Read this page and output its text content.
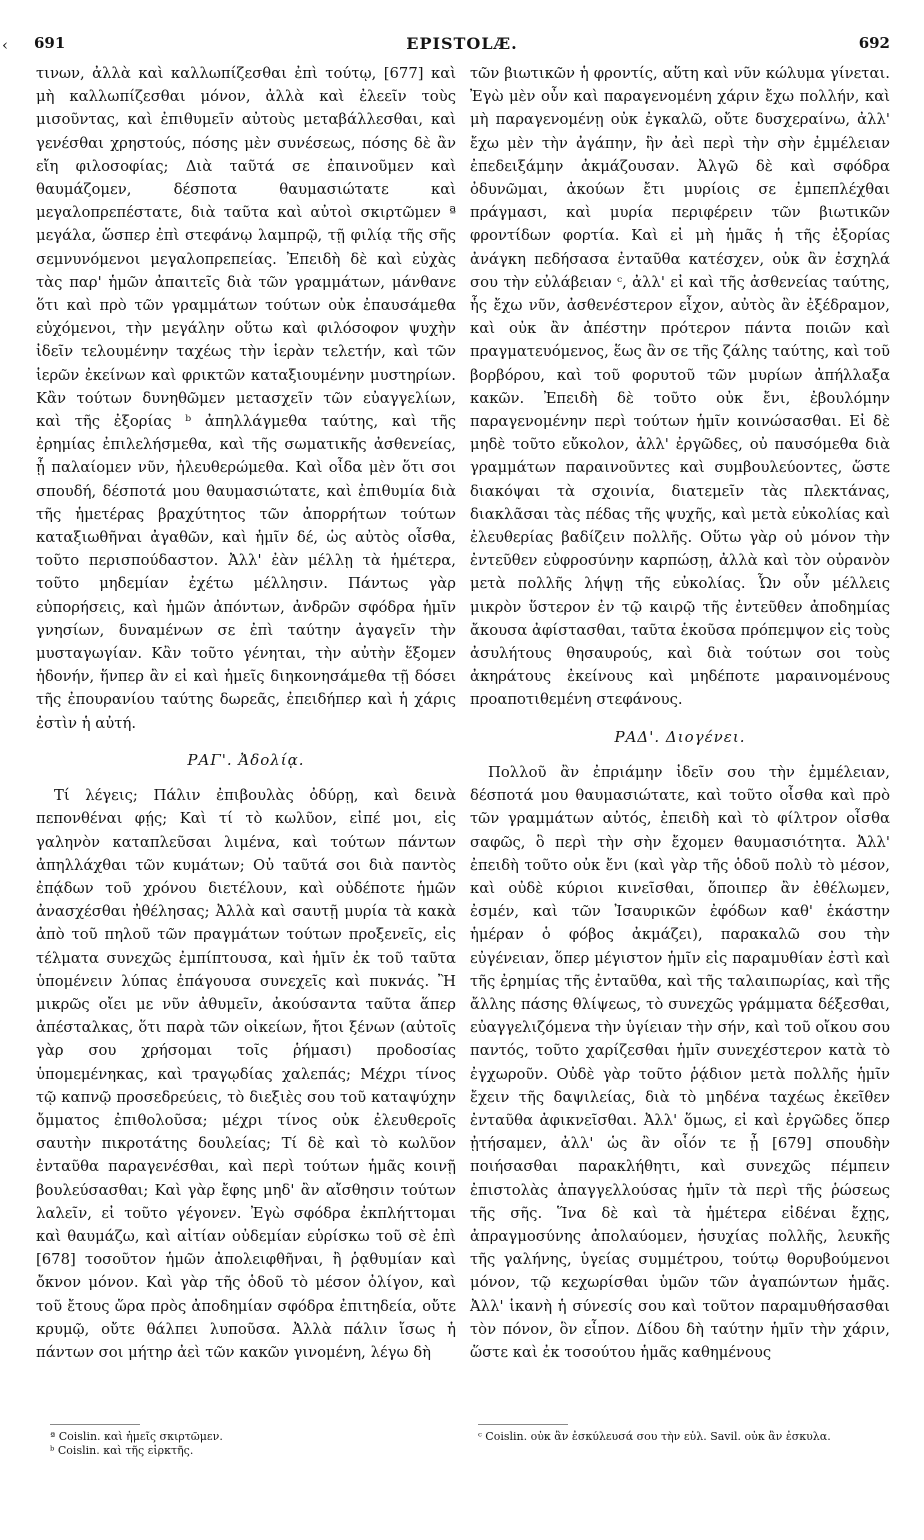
‹ 691	EPISTOLÆ.	692

τινων, ἀλλὰ καὶ καλλωπίζεσθαι ἐπὶ τούτῳ, [677] καὶ μὴ καλλωπίζεσθαι μόνον, ἀλλὰ καὶ ἐλεεῖν τοὺς μισοῦντας, καὶ ἐπιθυμεῖν αὐτοὺς μεταβάλλεσθαι, καὶ γενέσθαι χρηστούς, πόσης μὲν συνέσεως, πόσης δὲ ἂν εἴη φιλοσοφίας; Διὰ ταῦτά σε ἐπαινοῦμεν καὶ θαυμάζομεν, δέσποτα θαυμασιώτατε καὶ μεγαλοπρεπέστατε, διὰ ταῦτα καὶ αὐτοὶ σκιρτῶμεν ª μεγάλα, ὥσπερ ἐπὶ στεφάνῳ λαμπρῷ, τῇ φιλίᾳ τῆς σῆς σεμνυνόμενοι μεγαλοπρεπείας. Ἐπειδὴ δὲ καὶ εὐχὰς τὰς παρ' ἡμῶν ἀπαιτεῖς διὰ τῶν γραμμάτων, μάνθανε ὅτι καὶ πρὸ τῶν γραμμάτων τούτων οὐκ ἐπαυσάμεθα εὐχόμενοι, τὴν μεγάλην οὕτω καὶ φιλόσοφον ψυχὴν ἰδεῖν τελουμένην ταχέως τὴν ἱερὰν τελετήν, καὶ τῶν ἱερῶν ἐκείνων καὶ φρικτῶν καταξιουμένην μυστηρίων. Κἂν τούτων δυνηθῶμεν μετασχεῖν τῶν εὐαγγελίων, καὶ τῆς ἐξορίας ᵇ ἀπηλλάγμεθα ταύτης, καὶ τῆς ἐρημίας ἐπιλελήσμεθα, καὶ τῆς σωματικῆς ἀσθενείας, ᾗ παλαίομεν νῦν, ἠλευθερώμεθα. Καὶ οἶδα μὲν ὅτι σοι σπουδή, δέσποτά μου θαυμασιώτατε, καὶ ἐπιθυμία διὰ τῆς ἡμετέρας βραχύτητος τῶν ἀπορρήτων τούτων καταξιωθῆναι ἀγαθῶν, καὶ ἡμῖν δέ, ὡς αὐτὸς οἶσθα, τοῦτο περισπούδαστον. Ἀλλ' ἐὰν μέλλῃ τὰ ἡμέτερα, τοῦτο μηδεμίαν ἐχέτω μέλλησιν. Πάντως γὰρ εὐπορήσεις, καὶ ἡμῶν ἀπόντων, ἀνδρῶν σφόδρα ἡμῖν γνησίων, δυναμένων σε ἐπὶ ταύτην ἀγαγεῖν τὴν μυσταγωγίαν. Κἂν τοῦτο γένηται, τὴν αὐτὴν ἕξομεν ἡδονήν, ἥνπερ ἂν εἰ καὶ ἡμεῖς διηκονησάμεθα τῇ δόσει τῆς ἐπουρανίου ταύτης δωρεᾶς, ἐπειδήπερ καὶ ἡ χάρις ἐστὶν ἡ αὐτή.

ΡΑΓ'. Ἀδολίᾳ.

Τί λέγεις; Πάλιν ἐπιβουλὰς ὀδύρῃ, καὶ δεινὰ πεπονθέναι φῄς; Καὶ τί τὸ κωλῦον, εἰπέ μοι, εἰς γαληνὸν καταπλεῦσαι λιμένα, καὶ τούτων πάντων ἀπηλλάχθαι τῶν κυμάτων; Οὐ ταῦτά σοι διὰ παντὸς ἐπᾴδων τοῦ χρόνου διετέλουν, καὶ οὐδέποτε ἡμῶν ἀνασχέσθαι ἠθέλησας; Ἀλλὰ καὶ σαυτῇ μυρία τὰ κακὰ ἀπὸ τοῦ πηλοῦ τῶν πραγμάτων τούτων προξενεῖς, εἰς τέλματα συνεχῶς ἐμπίπτουσα, καὶ ἡμῖν ἐκ τοῦ ταῦτα ὑπομένειν λύπας ἐπάγουσα συνεχεῖς καὶ πυκνάς. Ἢ μικρῶς οἴει με νῦν ἀθυμεῖν, ἀκούσαντα ταῦτα ἅπερ ἀπέσταλκας, ὅτι παρὰ τῶν οἰκείων, ἤτοι ξένων (αὐτοῖς γὰρ σου χρήσομαι τοῖς ῥήμασι) προδοσίας ὑπομεμένηκας, καὶ τραγῳδίας χαλεπάς; Μέχρι τίνος τῷ καπνῷ προσεδρεύεις, τὸ διεξιὲς σου τοῦ καταψύχην ὄμματος ἐπιθολοῦσα; μέχρι τίνος οὐκ ἐλευθεροῖς σαυτὴν πικροτάτης δουλείας; Τί δὲ καὶ τὸ κωλῦον ἐνταῦθα παραγενέσθαι, καὶ περὶ τούτων ἡμᾶς κοινῇ βουλεύσασθαι; Καὶ γὰρ ἔφης μηδ' ἂν αἴσθησιν τούτων λαλεῖν, εἰ τοῦτο γέγονεν. Ἐγὼ σφόδρα ἐκπλήττομαι καὶ θαυμάζω, καὶ αἰτίαν οὐδεμίαν εὑρίσκω τοῦ σὲ ἐπὶ [678] τοσοῦτον ἡμῶν ἀπολειφθῆναι, ἢ ῥᾳθυμίαν καὶ ὄκνον μόνον. Καὶ γὰρ τῆς ὁδοῦ τὸ μέσον ὀλίγον, καὶ τοῦ ἔτους ὥρα πρὸς ἀποδημίαν σφόδρα ἐπιτηδεία, οὔτε κρυμῷ, οὔτε θάλπει λυποῦσα. Ἀλλὰ πάλιν ἴσως ἡ πάντων σοι μήτηρ ἀεὶ τῶν κακῶν γινομένη, λέγω δὴ

τῶν βιωτικῶν ἡ φροντίς, αὕτη καὶ νῦν κώλυμα γίνεται. Ἐγὼ μὲν οὖν καὶ παραγενομένη χάριν ἔχω πολλήν, καὶ μὴ παραγενομένῃ οὐκ ἐγκαλῶ, οὔτε δυσχεραίνω, ἀλλ' ἔχω μὲν τὴν ἀγάπην, ἣν ἀεὶ περὶ τὴν σὴν ἐμμέλειαν ἐπεδειξάμην ἀκμάζουσαν. Ἀλγῶ δὲ καὶ σφόδρα ὀδυνῶμαι, ἀκούων ἔτι μυρίοις σε ἐμπεπλέχθαι πράγμασι, καὶ μυρία περιφέρειν τῶν βιωτικῶν φροντίδων φορτία. Καὶ εἰ μὴ ἡμᾶς ἡ τῆς ἐξορίας ἀνάγκη πεδήσασα ἐνταῦθα κατέσχεν, οὐκ ἂν ἐσχηλά σου τὴν εὐλάβειαν ᶜ, ἀλλ' εἰ καὶ τῆς ἀσθενείας ταύτης, ἧς ἔχω νῦν, ἀσθενέστερον εἶχον, αὐτὸς ἂν ἐξέδραμον, καὶ οὐκ ἂν ἀπέστην πρότερον πάντα ποιῶν καὶ πραγματευόμενος, ἕως ἂν σε τῆς ζάλης ταύτης, καὶ τοῦ βορβόρου, καὶ τοῦ φορυτοῦ τῶν μυρίων ἀπήλλαξα κακῶν. Ἐπειδὴ δὲ τοῦτο οὐκ ἔνι, ἐβουλόμην παραγενομένην περὶ τούτων ἡμῖν κοινώσασθαι. Εἰ δὲ μηδὲ τοῦτο εὔκολον, ἀλλ' ἐργῶδες, οὐ παυσόμεθα διὰ γραμμάτων παραινοῦντες καὶ συμβουλεύοντες, ὥστε διακόψαι τὰ σχοινία, διατεμεῖν τὰς πλεκτάνας, διακλᾶσαι τὰς πέδας τῆς ψυχῆς, καὶ μετὰ εὐκολίας καὶ ἐλευθερίας βαδίζειν πολλῆς. Οὕτω γὰρ οὐ μόνον τὴν ἐντεῦθεν εὐφροσύνην καρπώσῃ, ἀλλὰ καὶ τὸν οὐρανὸν μετὰ πολλῆς λήψῃ τῆς εὐκολίας. Ὧν οὖν μέλλεις μικρὸν ὕστερον ἐν τῷ καιρῷ τῆς ἐντεῦθεν ἀποδημίας ἄκουσα ἀφίστασθαι, ταῦτα ἑκοῦσα πρόπεμψον εἰς τοὺς ἀσυλήτους θησαυρούς, καὶ διὰ τούτων σοι τοὺς ἀκηράτους ἐκείνους καὶ μηδέποτε μαραινομένους προαποτιθεμένη στεφάνους.

ΡΑΔ'. Διογένει.

Πολλοῦ ἂν ἐπριάμην ἰδεῖν σου τὴν ἐμμέλειαν, δέσποτά μου θαυμασιώτατε, καὶ τοῦτο οἶσθα καὶ πρὸ τῶν γραμμάτων αὐτός, ἐπειδὴ καὶ τὸ φίλτρον οἶσθα σαφῶς, ὃ περὶ τὴν σὴν ἔχομεν θαυμασιότητα. Ἀλλ' ἐπειδὴ τοῦτο οὐκ ἔνι (καὶ γὰρ τῆς ὁδοῦ πολὺ τὸ μέσον, καὶ οὐδὲ κύριοι κινεῖσθαι, ὅποιπερ ἂν ἐθέλωμεν, ἐσμέν, καὶ τῶν Ἰσαυρικῶν ἐφόδων καθ' ἑκάστην ἡμέραν ὁ φόβος ἀκμάζει), παρακαλῶ σου τὴν εὐγένειαν, ὅπερ μέγιστον ἡμῖν εἰς παραμυθίαν ἐστὶ καὶ τῆς ἐρημίας τῆς ἐνταῦθα, καὶ τῆς ταλαιπωρίας, καὶ τῆς ἄλλης πάσης θλίψεως, τὸ συνεχῶς γράμματα δέξεσθαι, εὐαγγελιζόμενα τὴν ὑγίειαν τὴν σήν, καὶ τοῦ οἴκου σου παντός, τοῦτο χαρίζεσθαι ἡμῖν συνεχέστερον κατὰ τὸ ἐγχωροῦν. Οὐδὲ γὰρ τοῦτο ῥᾴδιον μετὰ πολλῆς ἡμῖν ἔχειν τῆς δαψιλείας, διὰ τὸ μηδένα ταχέως ἐκεῖθεν ἐνταῦθα ἀφικνεῖσθαι. Ἀλλ' ὅμως, εἰ καὶ ἐργῶδες ὅπερ ᾐτήσαμεν, ἀλλ' ὡς ἂν οἷόν τε ᾖ [679] σπουδὴν ποιήσασθαι παρακλήθητι, καὶ συνεχῶς πέμπειν ἐπιστολὰς ἀπαγγελλούσας ἡμῖν τὰ περὶ τῆς ῥώσεως τῆς σῆς. Ἵνα δὲ καὶ τὰ ἡμέτερα εἰδέναι ἔχῃς, ἀπραγμοσύνης ἀπολαύομεν, ἡσυχίας πολλῆς, λευκῆς τῆς γαλήνης, ὑγείας συμμέτρου, τούτῳ θορυβούμενοι μόνον, τῷ κεχωρίσθαι ὑμῶν τῶν ἀγαπώντων ἡμᾶς. Ἀλλ' ἱκανὴ ἡ σύνεσίς σου καὶ τοῦτον παραμυθήσασθαι τὸν πόνον, ὃν εἶπον. Δίδου δὴ ταύτην ἡμῖν τὴν χάριν, ὥστε καὶ ἐκ τοσούτου ἡμᾶς καθημένους

ª Coislin. καὶ ἡμεῖς σκιρτῶμεν.

ᵇ Coislin. καὶ τῆς εἱρκτῆς.

ᶜ Coislin. οὐκ ἂν ἐσκύλευσά σου τὴν εὐλ. Savil. οὐκ ἂν ἐσκυλα.
